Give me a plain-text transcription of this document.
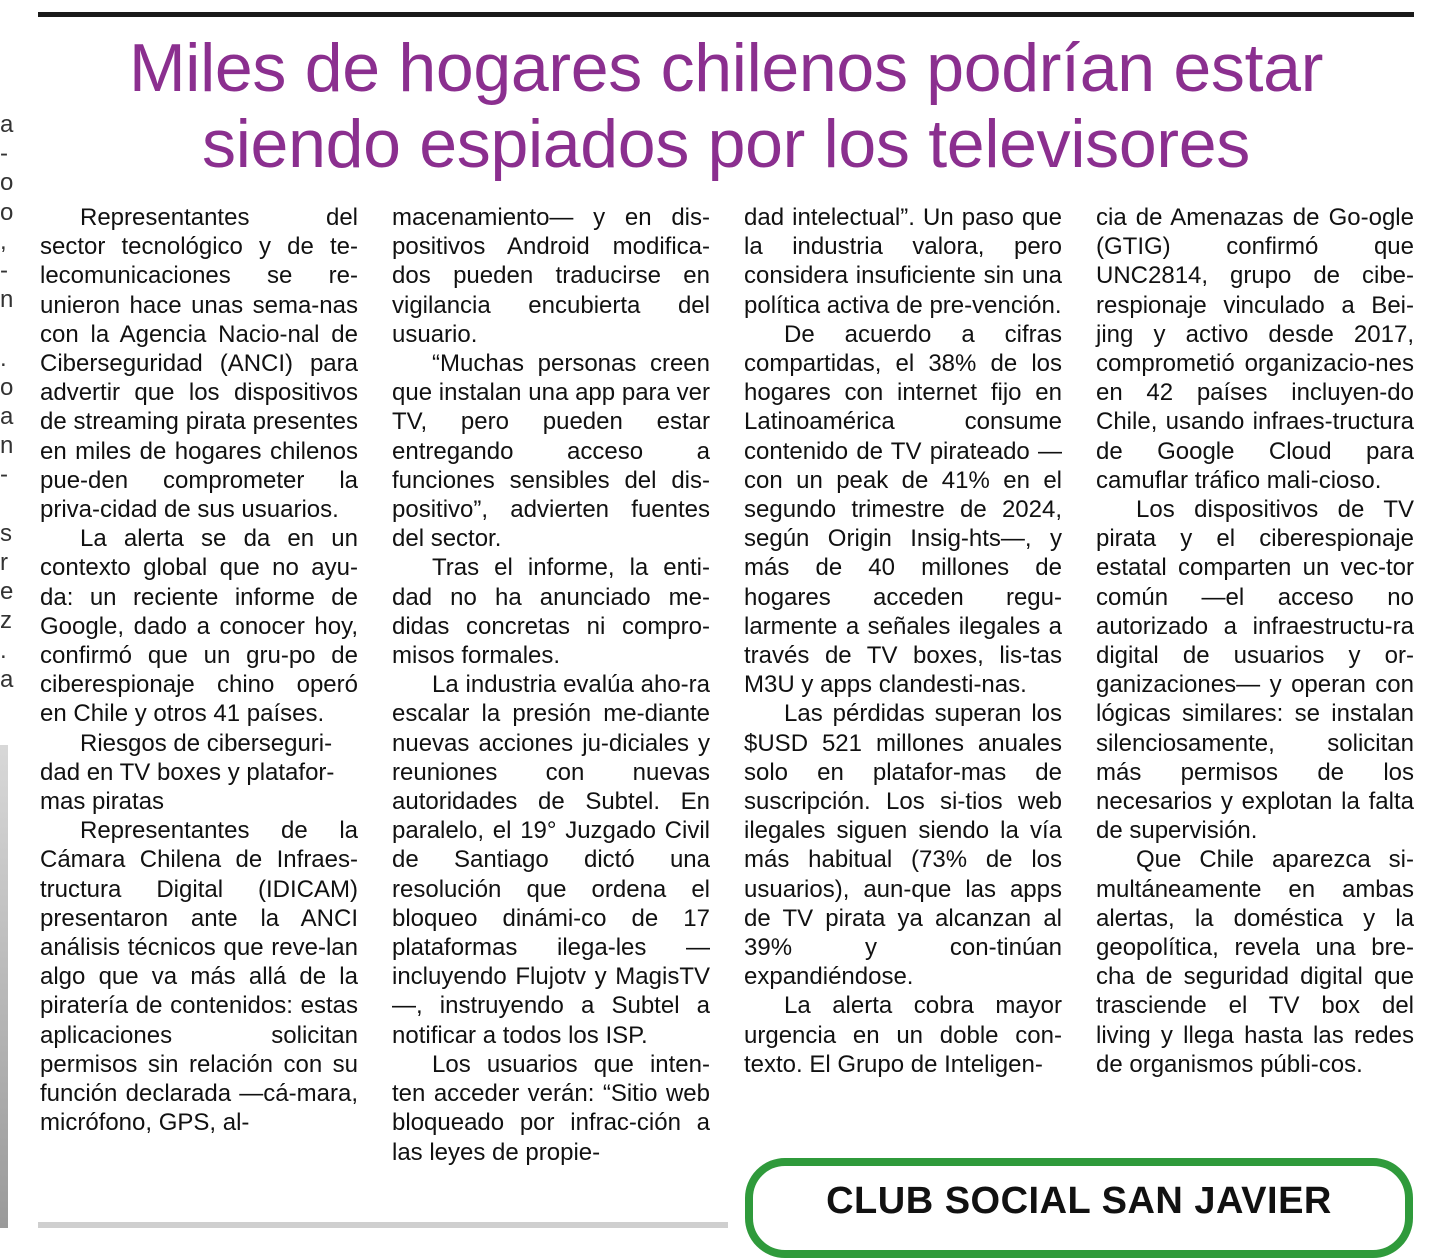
a
-
o
o
,
-
n

.
o
a
n
-

s
r
e
z
.
a
Miles de hogares chilenos podrían estar
siendo espiados por los televisores

Representantes del sector tecnológico y de te-lecomunicaciones se re-unieron hace unas sema-nas con la Agencia Nacio-nal de Ciberseguridad (ANCI) para advertir que los dispositivos de streaming pirata presentes en miles de hogares chilenos pue-den comprometer la priva-cidad de sus usuarios.

La alerta se da en un contexto global que no ayu-da: un reciente informe de Google, dado a conocer hoy, confirmó que un gru-po de ciberespionaje chino operó en Chile y otros 41 países.

Riesgos de ciberseguri-dad en TV boxes y platafor-mas piratas

Representantes de la Cámara Chilena de Infraes-tructura Digital (IDICAM) presentaron ante la ANCI análisis técnicos que reve-lan algo que va más allá de la piratería de contenidos: estas aplicaciones solicitan permisos sin relación con su función declarada —cá-mara, micrófono, GPS, al-

macenamiento— y en dis-positivos Android modifica-dos pueden traducirse en vigilancia encubierta del usuario.

“Muchas personas creen que instalan una app para ver TV, pero pueden estar entregando acceso a funciones sensibles del dis-positivo”, advierten fuentes del sector.

Tras el informe, la enti-dad no ha anunciado me-didas concretas ni compro-misos formales.

La industria evalúa aho-ra escalar la presión me-diante nuevas acciones ju-diciales y reuniones con nuevas autoridades de Subtel. En paralelo, el 19° Juzgado Civil de Santiago dictó una resolución que ordena el bloqueo dinámi-co de 17 plataformas ilega-les —incluyendo Flujotv y MagisTV—, instruyendo a Subtel a notificar a todos los ISP.

Los usuarios que inten-ten acceder verán: “Sitio web bloqueado por infrac-ción a las leyes de propie-

dad intelectual”. Un paso que la industria valora, pero considera insuficiente sin una política activa de pre-vención.

De acuerdo a cifras compartidas, el 38% de los hogares con internet fijo en Latinoamérica consume contenido de TV pirateado —con un peak de 41% en el segundo trimestre de 2024, según Origin Insig-hts—, y más de 40 millones de hogares acceden regu-larmente a señales ilegales a través de TV boxes, lis-tas M3U y apps clandesti-nas.

Las pérdidas superan los $USD 521 millones anuales solo en platafor-mas de suscripción. Los si-tios web ilegales siguen siendo la vía más habitual (73% de los usuarios), aun-que las apps de TV pirata ya alcanzan al 39% y con-tinúan expandiéndose.

La alerta cobra mayor urgencia en un doble con-texto. El Grupo de Inteligen-

cia de Amenazas de Go-ogle (GTIG) confirmó que UNC2814, grupo de cibe-respionaje vinculado a Bei-jing y activo desde 2017, comprometió organizacio-nes en 42 países incluyen-do Chile, usando infraes-tructura de Google Cloud para camuflar tráfico mali-cioso.

Los dispositivos de TV pirata y el ciberespionaje estatal comparten un vec-tor común —el acceso no autorizado a infraestructu-ra digital de usuarios y or-ganizaciones— y operan con lógicas similares: se instalan silenciosamente, solicitan más permisos de los necesarios y explotan la falta de supervisión.

Que Chile aparezca si-multáneamente en ambas alertas, la doméstica y la geopolítica, revela una bre-cha de seguridad digital que trasciende el TV box del living y llega hasta las redes de organismos públi-cos.

CLUB SOCIAL SAN JAVIER
